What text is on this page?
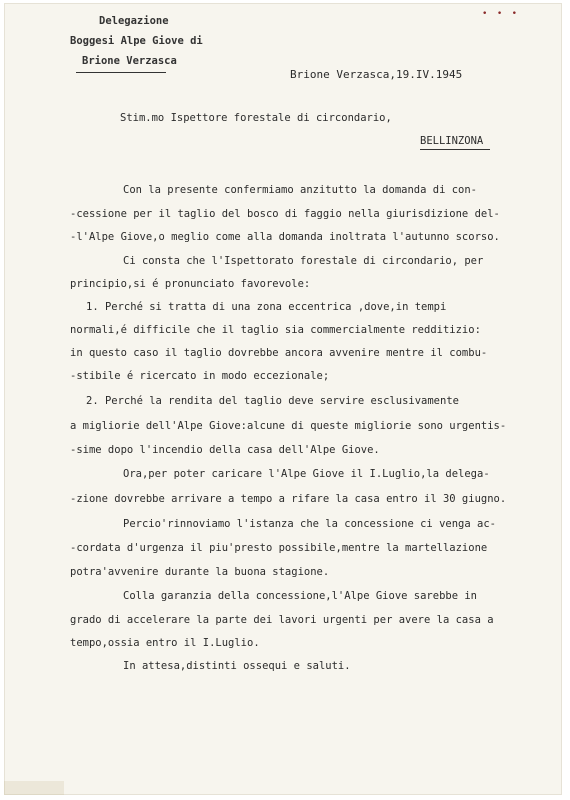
Delegazione
Boggesi Alpe Giove di
Brione Verzasca
• • •
Brione Verzasca,19.IV.1945
Stim.mo Ispettore forestale di circondario,
BELLINZONA
Con la presente confermiamo anzitutto la domanda di con-
-cessione per il taglio del bosco di faggio nella giurisdizione del-
-l'Alpe Giove,o meglio come alla domanda inoltrata l'autunno scorso.
Ci consta che l'Ispettorato forestale di circondario, per
principio,si é pronunciato favorevole:
1. Perché si tratta di una zona eccentrica ,dove,in tempi
normali,é difficile che il taglio sia commercialmente redditizio:
in questo caso il taglio dovrebbe ancora avvenire mentre il combu-
-stibile é ricercato in modo eccezionale;
2. Perché la rendita del taglio deve servire esclusivamente
a migliorie dell'Alpe Giove:alcune di queste migliorie sono urgentis-
-sime dopo l'incendio della casa dell'Alpe Giove.
Ora,per poter caricare l'Alpe Giove il I.Luglio,la delega-
-zione dovrebbe arrivare a tempo a rifare la casa entro il 30 giugno.
Percio'rinnoviamo l'istanza che la concessione ci venga ac-
-cordata d'urgenza il piu'presto possibile,mentre la martellazione
potra'avvenire durante la buona stagione.
Colla garanzia della concessione,l'Alpe Giove sarebbe in
grado di accelerare la parte dei lavori urgenti per avere la casa a
tempo,ossia entro il I.Luglio.
In attesa,distinti ossequi e saluti.
